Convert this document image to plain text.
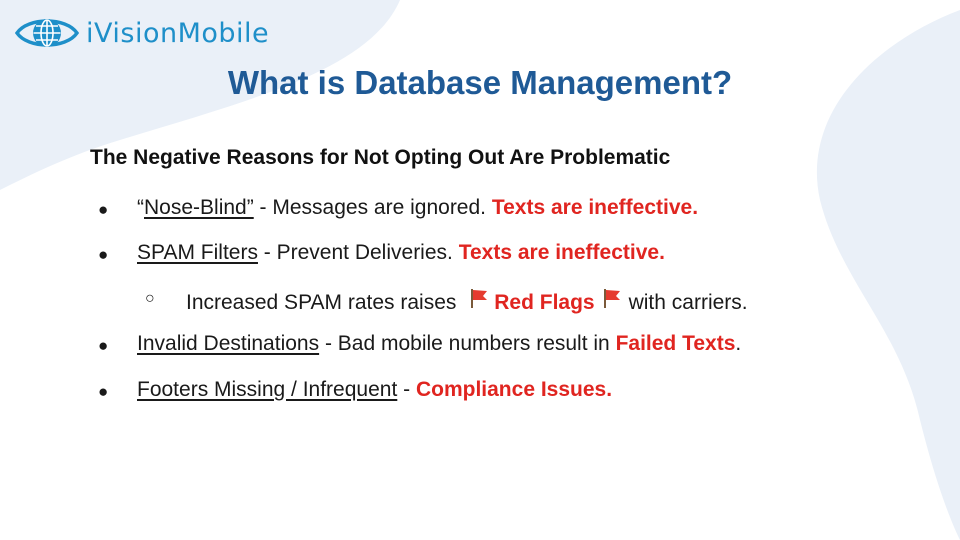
iVisionMobile
What is Database Management?
The Negative Reasons for Not Opting Out Are Problematic
● “ Nose-Blind” - Messages are ignored. Texts are ineffective.
● SPAM Filters - Prevent Deliveries. Texts are ineffective.
○ Increased SPAM rates raises Red Flags with carriers.
● Invalid Destinations - Bad mobile numbers result in Failed Texts .
● Footers Missing / Infrequent - Compliance Issues.
